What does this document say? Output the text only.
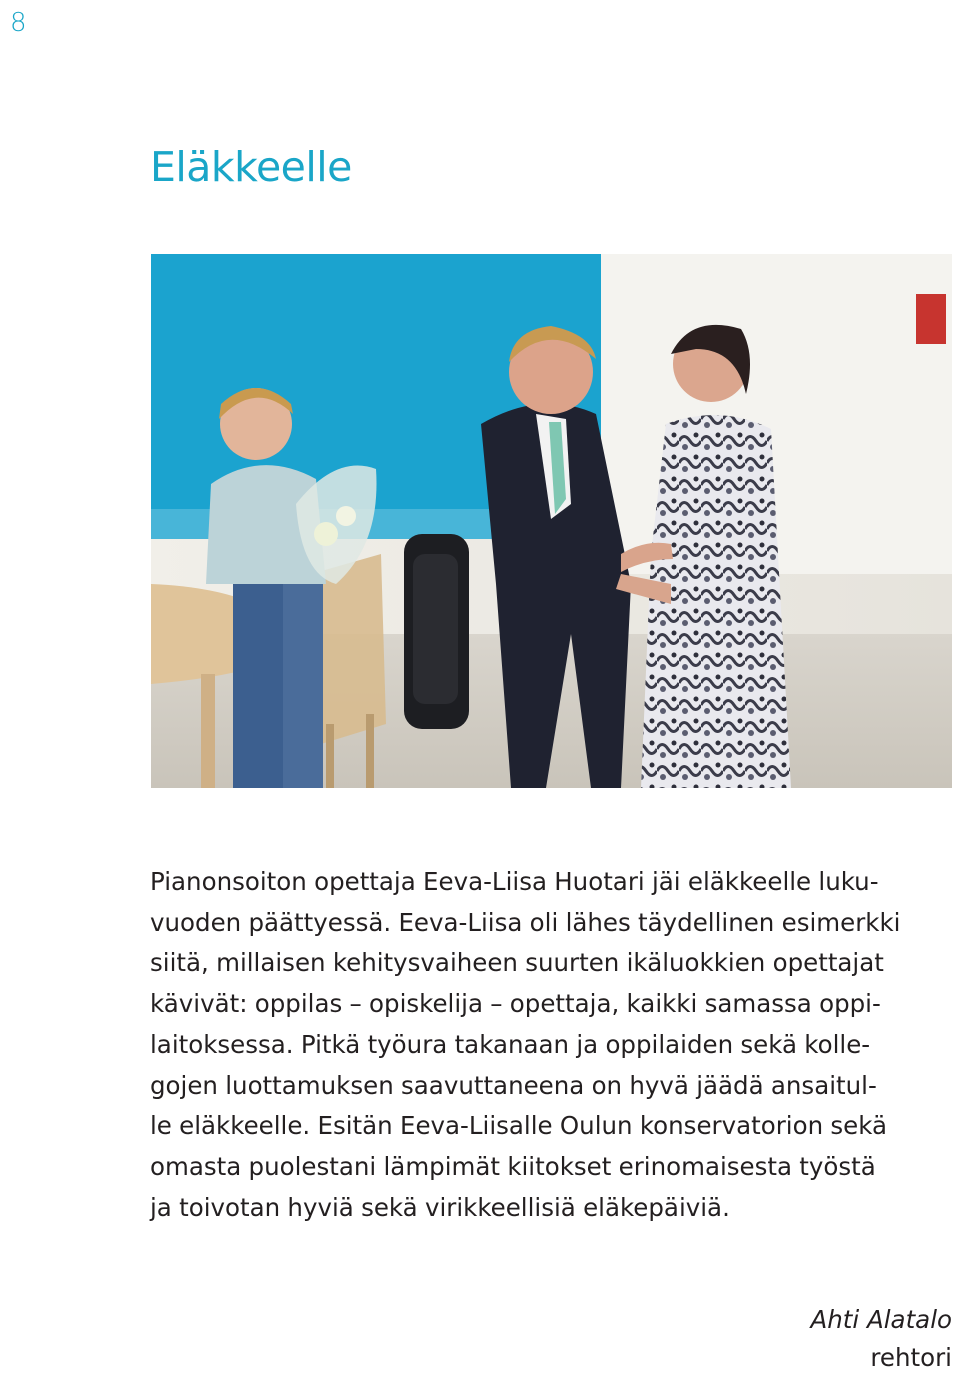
8
Eläkkeelle

Pianonsoiton opettaja Eeva-Liisa Huotari jäi eläkkeelle luku-
vuoden päättyessä. Eeva-Liisa oli lähes täydellinen esimerkki
siitä, millaisen kehitysvaiheen suurten ikäluokkien opettajat
kävivät: oppilas – opiskelija – opettaja, kaikki samassa oppi-
laitoksessa. Pitkä työura takanaan ja oppilaiden sekä kolle-
gojen luottamuksen saavuttaneena on hyvä jäädä ansaitul-
le eläkkeelle. Esitän Eeva-Liisalle Oulun konservatorion sekä
omasta puolestani lämpimät kiitokset erinomaisesta työstä
ja toivotan hyviä sekä virikkeellisiä eläkepäiviä.

Ahti Alatalo
rehtori
